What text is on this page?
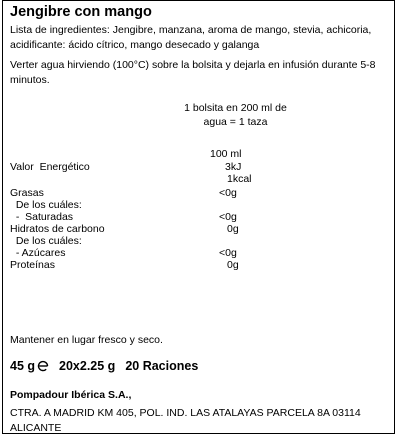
Jengibre con mango
Lista de ingredientes: Jengibre, manzana, aroma de mango, stevia, achicoria, acidificante: ácido cítrico, mango desecado y galanga
Verter agua hirviendo (100°C) sobre la bolsita y dejarla en infusión durante 5-8 minutos.
1 bolsita en 200 ml de
agua = 1 taza
100 ml
Valor  Energético	3kJ
1kcal
Grasas	<0g
De los cuáles:
-  Saturadas	<0g
Hidratos de carbono	0g
De los cuáles:
- Azúcares	<0g
Proteínas	0g
Mantener en lugar fresco y seco.
45 g 20x2.25 g 20 Raciones
Pompadour Ibérica S.A.,
CTRA. A MADRID KM 405, POL. IND. LAS ATALAYAS PARCELA 8A 03114 ALICANTE
